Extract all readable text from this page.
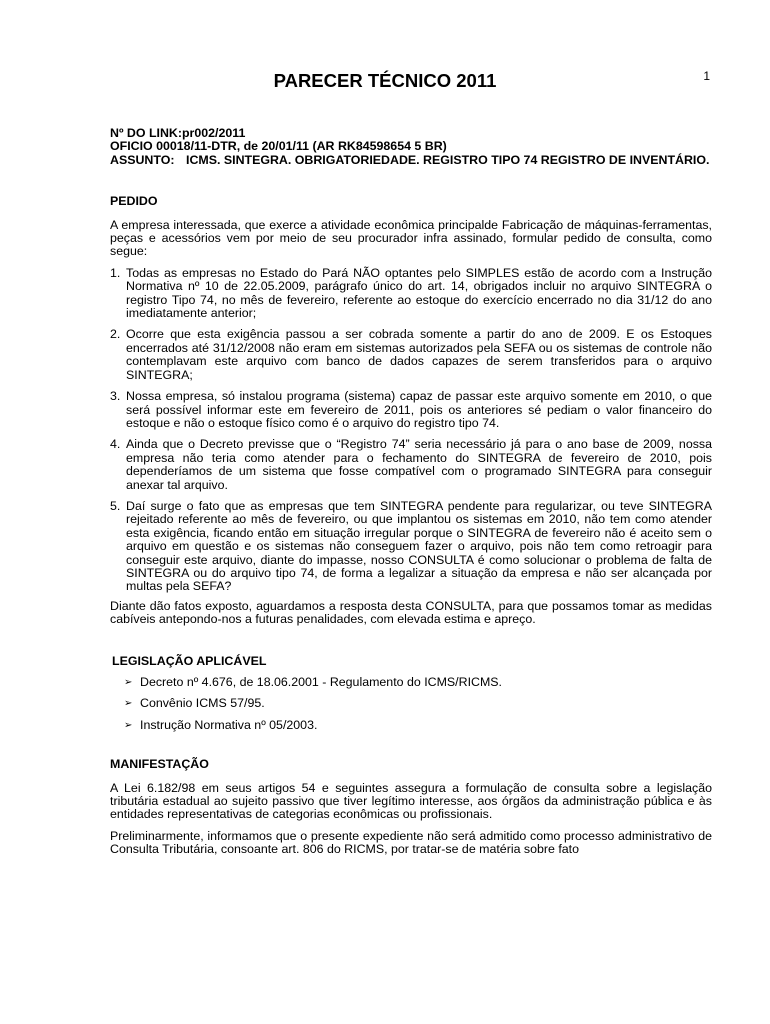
PARECER TÉCNICO 2011	1
Nº DO LINK:pr002/2011
OFICIO 00018/11-DTR, de 20/01/11 (AR RK84598654 5 BR)
ASSUNTO: ICMS. SINTEGRA. OBRIGATORIEDADE. REGISTRO TIPO 74 REGISTRO DE INVENTÁRIO.
PEDIDO

A empresa interessada, que exerce a atividade econômica principalde Fabricação de máquinas-ferramentas, peças e acessórios vem por meio de seu procurador infra assinado, formular pedido de consulta, como segue:

1. Todas as empresas no Estado do Pará NÃO optantes pelo SIMPLES estão de acordo com a Instrução Normativa nº 10 de 22.05.2009, parágrafo único do art. 14, obrigados incluir no arquivo SINTEGRA o registro Tipo 74, no mês de fevereiro, referente ao estoque do exercício encerrado no dia 31/12 do ano imediatamente anterior;
2. Ocorre que esta exigência passou a ser cobrada somente a partir do ano de 2009. E os Estoques encerrados até 31/12/2008 não eram em sistemas autorizados pela SEFA ou os sistemas de controle não contemplavam este arquivo com banco de dados capazes de serem transferidos para o arquivo SINTEGRA;
3. Nossa empresa, só instalou programa (sistema) capaz de passar este arquivo somente em 2010, o que será possível informar este em fevereiro de 2011, pois os anteriores sé pediam o valor financeiro do estoque e não o estoque físico como é o arquivo do registro tipo 74.
4. Ainda que o Decreto previsse que o “Registro 74” seria necessário já para o ano base de 2009, nossa empresa não teria como atender para o fechamento do SINTEGRA de fevereiro de 2010, pois dependeríamos de um sistema que fosse compatível com o programado SINTEGRA para conseguir anexar tal arquivo.
5. Daí surge o fato que as empresas que tem SINTEGRA pendente para regularizar, ou teve SINTEGRA rejeitado referente ao mês de fevereiro, ou que implantou os sistemas em 2010, não tem como atender esta exigência, ficando então em situação irregular porque o SINTEGRA de fevereiro não é aceito sem o arquivo em questão e os sistemas não conseguem fazer o arquivo, pois não tem como retroagir para conseguir este arquivo, diante do impasse, nosso CONSULTA é como solucionar o problema de falta de SINTEGRA ou do arquivo tipo 74, de forma a legalizar a situação da empresa e não ser alcançada por multas pela SEFA?

Diante dão fatos exposto, aguardamos a resposta desta CONSULTA, para que possamos tomar as medidas cabíveis antepondo-nos a futuras penalidades, com elevada estima e apreço.

LEGISLAÇÃO APLICÁVEL
➢ Decreto nº 4.676, de 18.06.2001 - Regulamento do ICMS/RICMS.
➢ Convênio ICMS 57/95.
➢ Instrução Normativa nº 05/2003.
MANIFESTAÇÃO

A Lei 6.182/98 em seus artigos 54 e seguintes assegura a formulação de consulta sobre a legislação tributária estadual ao sujeito passivo que tiver legítimo interesse, aos órgãos da administração pública e às entidades representativas de categorias econômicas ou profissionais.

Preliminarmente, informamos que o presente expediente não será admitido como processo administrativo de Consulta Tributária, consoante art. 806 do RICMS, por tratar-se de matéria sobre fato
